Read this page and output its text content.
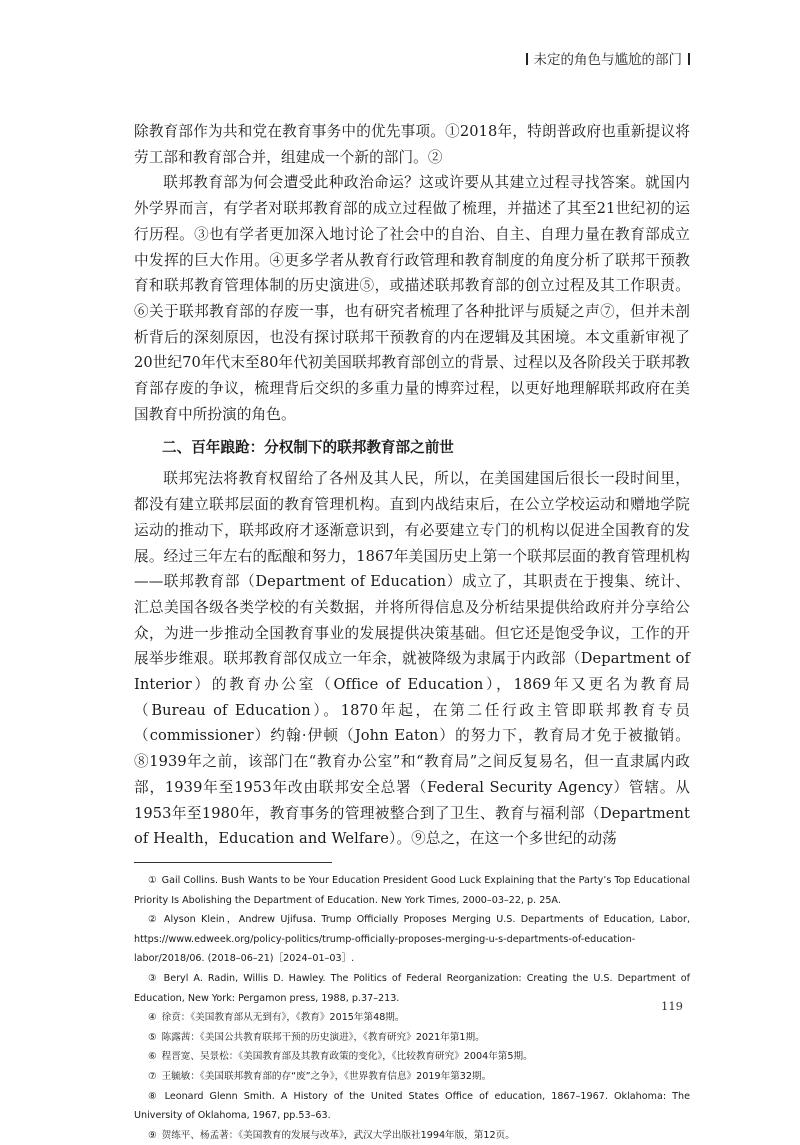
未定的角色与尴尬的部门

除教育部作为共和党在教育事务中的优先事项。①2018年，特朗普政府也重新提议将劳工部和教育部合并，组建成一个新的部门。②

联邦教育部为何会遭受此种政治命运？这或许要从其建立过程寻找答案。就国内外学界而言，有学者对联邦教育部的成立过程做了梳理，并描述了其至21世纪初的运行历程。③也有学者更加深入地讨论了社会中的自治、自主、自理力量在教育部成立中发挥的巨大作用。④更多学者从教育行政管理和教育制度的角度分析了联邦干预教育和联邦教育管理体制的历史演进⑤，或描述联邦教育部的创立过程及其工作职责。⑥关于联邦教育部的存废一事，也有研究者梳理了各种批评与质疑之声⑦，但并未剖析背后的深刻原因，也没有探讨联邦干预教育的内在逻辑及其困境。本文重新审视了20世纪70年代末至80年代初美国联邦教育部创立的背景、过程以及各阶段关于联邦教育部存废的争议，梳理背后交织的多重力量的博弈过程，以更好地理解联邦政府在美国教育中所扮演的角色。

二、百年踉跄：分权制下的联邦教育部之前世

联邦宪法将教育权留给了各州及其人民，所以，在美国建国后很长一段时间里，都没有建立联邦层面的教育管理机构。直到内战结束后，在公立学校运动和赠地学院运动的推动下，联邦政府才逐渐意识到，有必要建立专门的机构以促进全国教育的发展。经过三年左右的酝酿和努力，1867年美国历史上第一个联邦层面的教育管理机构——联邦教育部（Department of Education）成立了，其职责在于搜集、统计、汇总美国各级各类学校的有关数据，并将所得信息及分析结果提供给政府并分享给公众，为进一步推动全国教育事业的发展提供决策基础。但它还是饱受争议，工作的开展举步维艰。联邦教育部仅成立一年余，就被降级为隶属于内政部（Department of Interior）的教育办公室（Office of Education），1869年又更名为教育局（Bureau of Education）。1870年起，在第二任行政主管即联邦教育专员（commissioner）约翰·伊顿（John Eaton）的努力下，教育局才免于被撤销。⑧1939年之前，该部门在“教育办公室”和“教育局”之间反复易名，但一直隶属内政部，1939年至1953年改由联邦安全总署（Federal Security Agency）管辖。从1953年至1980年，教育事务的管理被整合到了卫生、教育与福利部（Department of Health，Education and Welfare）。⑨总之，在这一个多世纪的动荡

① Gail Collins. Bush Wants to be Your Education President Good Luck Explaining that the Party’s Top Educational Priority Is Abolishing the Department of Education. New York Times, 2000–03–22, p. 25A.

② Alyson Klein，Andrew Ujifusa. Trump Officially Proposes Merging U.S. Departments of Education, Labor, https://www.edweek.org/policy-politics/trump-officially-proposes-merging-u-s-departments-of-education-labor/2018/06. (2018–06–21)［2024–01–03］.

③ Beryl A. Radin, Willis D. Hawley. The Politics of Federal Reorganization: Creating the U.S. Department of Education, New York: Pergamon press, 1988, p.37–213.

④ 徐贲：《美国教育部从无到有》，《教育》2015年第48期。

⑤ 陈露茜：《美国公共教育联邦干预的历史演进》，《教育研究》2021年第1期。

⑥ 程晋宽、吴景松：《美国教育部及其教育政策的变化》，《比较教育研究》2004年第5期。

⑦ 王毓敏：《美国联邦教育部的存“废”之争》，《世界教育信息》2019年第32期。

⑧ Leonard Glenn Smith. A History of the United States Office of education, 1867–1967. Oklahoma: The University of Oklahoma, 1967, pp.53–63.

⑨ 贺练平、杨孟著：《美国教育的发展与改革》，武汉大学出版社1994年版，第12页。

119
